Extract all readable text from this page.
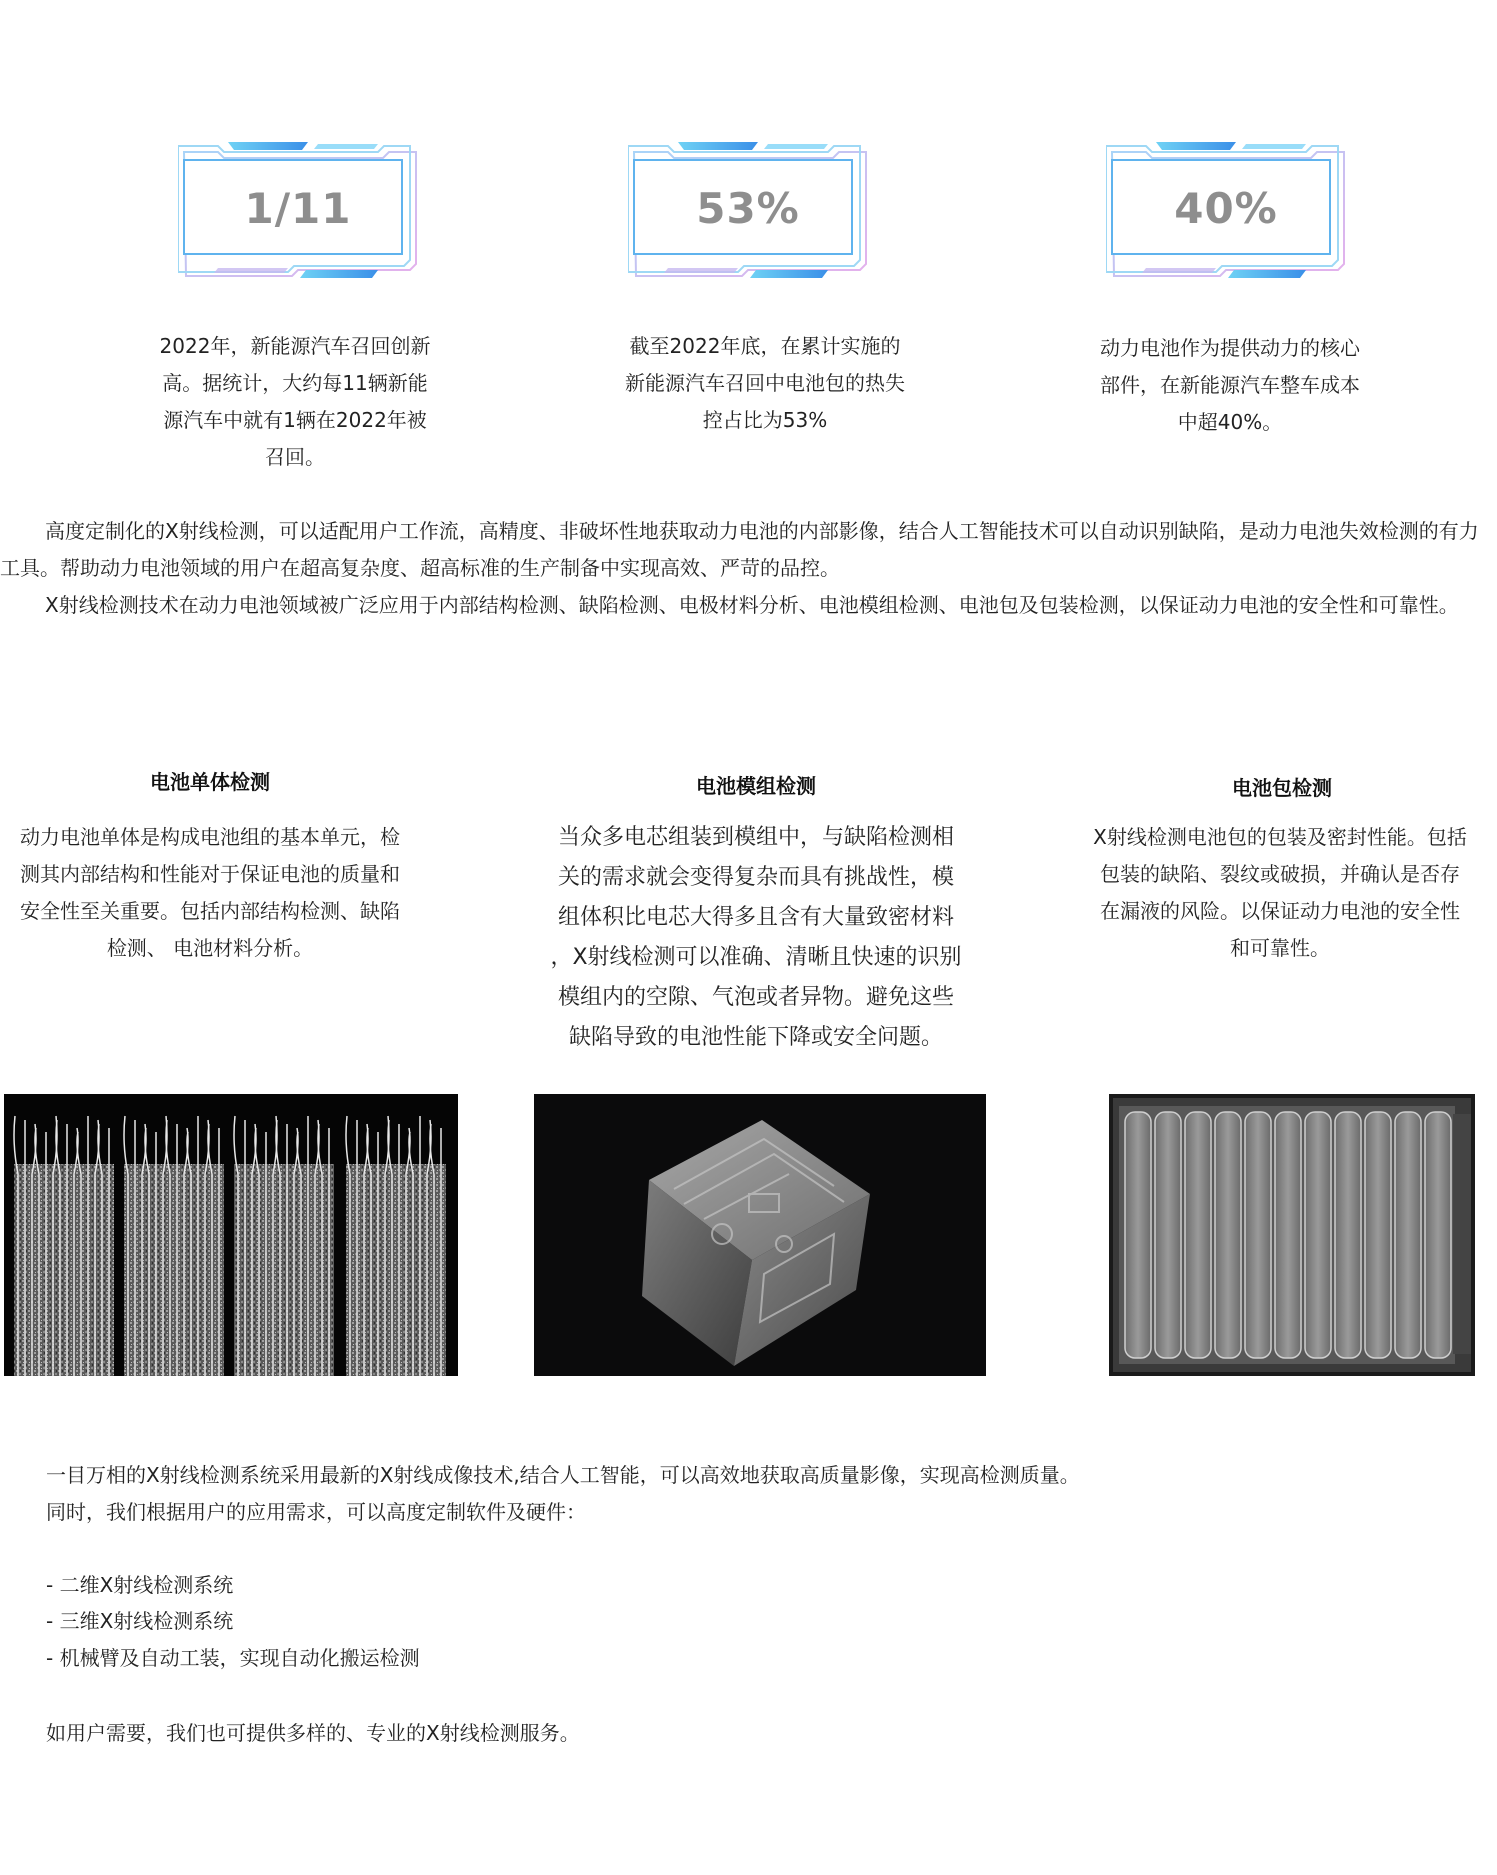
1/11
2022年，新能源汽车召回创新
高。据统计，大约每11辆新能
源汽车中就有1辆在2022年被
召回。
53%
截至2022年底，在累计实施的
新能源汽车召回中电池包的热失
控占比为53%
40%
动力电池作为提供动力的核心
部件，在新能源汽车整车成本
中超40%。
高度定制化的X射线检测，可以适配用户工作流，高精度、非破坏性地获取动力电池的内部影像，结合人工智能技术可以自动识别缺陷，是动力电池失效检测的有力工具。帮助动力电池领域的用户在超高复杂度、超高标准的生产制备中实现高效、严苛的品控。
X射线检测技术在动力电池领域被广泛应用于内部结构检测、缺陷检测、电极材料分析、电池模组检测、电池包及包装检测，以保证动力电池的安全性和可靠性。
电池单体检测	电池模组检测	电池包检测
动力电池单体是构成电池组的基本单元，检
测其内部结构和性能对于保证电池的质量和
安全性至关重要。包括内部结构检测、缺陷
检测、 电池材料分析。
当众多电芯组装到模组中，与缺陷检测相
关的需求就会变得复杂而具有挑战性，模
组体积比电芯大得多且含有大量致密材料
，X射线检测可以准确、清晰且快速的识别
模组内的空隙、气泡或者异物。避免这些
缺陷导致的电池性能下降或安全问题。
X射线检测电池包的包装及密封性能。包括
包装的缺陷、裂纹或破损，并确认是否存
在漏液的风险。以保证动力电池的安全性
和可靠性。
一目万相的X射线检测系统采用最新的X射线成像技术,结合人工智能，可以高效地获取高质量影像，实现高检测质量。
同时，我们根据用户的应用需求，可以高度定制软件及硬件：
- 二维X射线检测系统
- 三维X射线检测系统
- 机械臂及自动工装，实现自动化搬运检测
如用户需要，我们也可提供多样的、专业的X射线检测服务。
